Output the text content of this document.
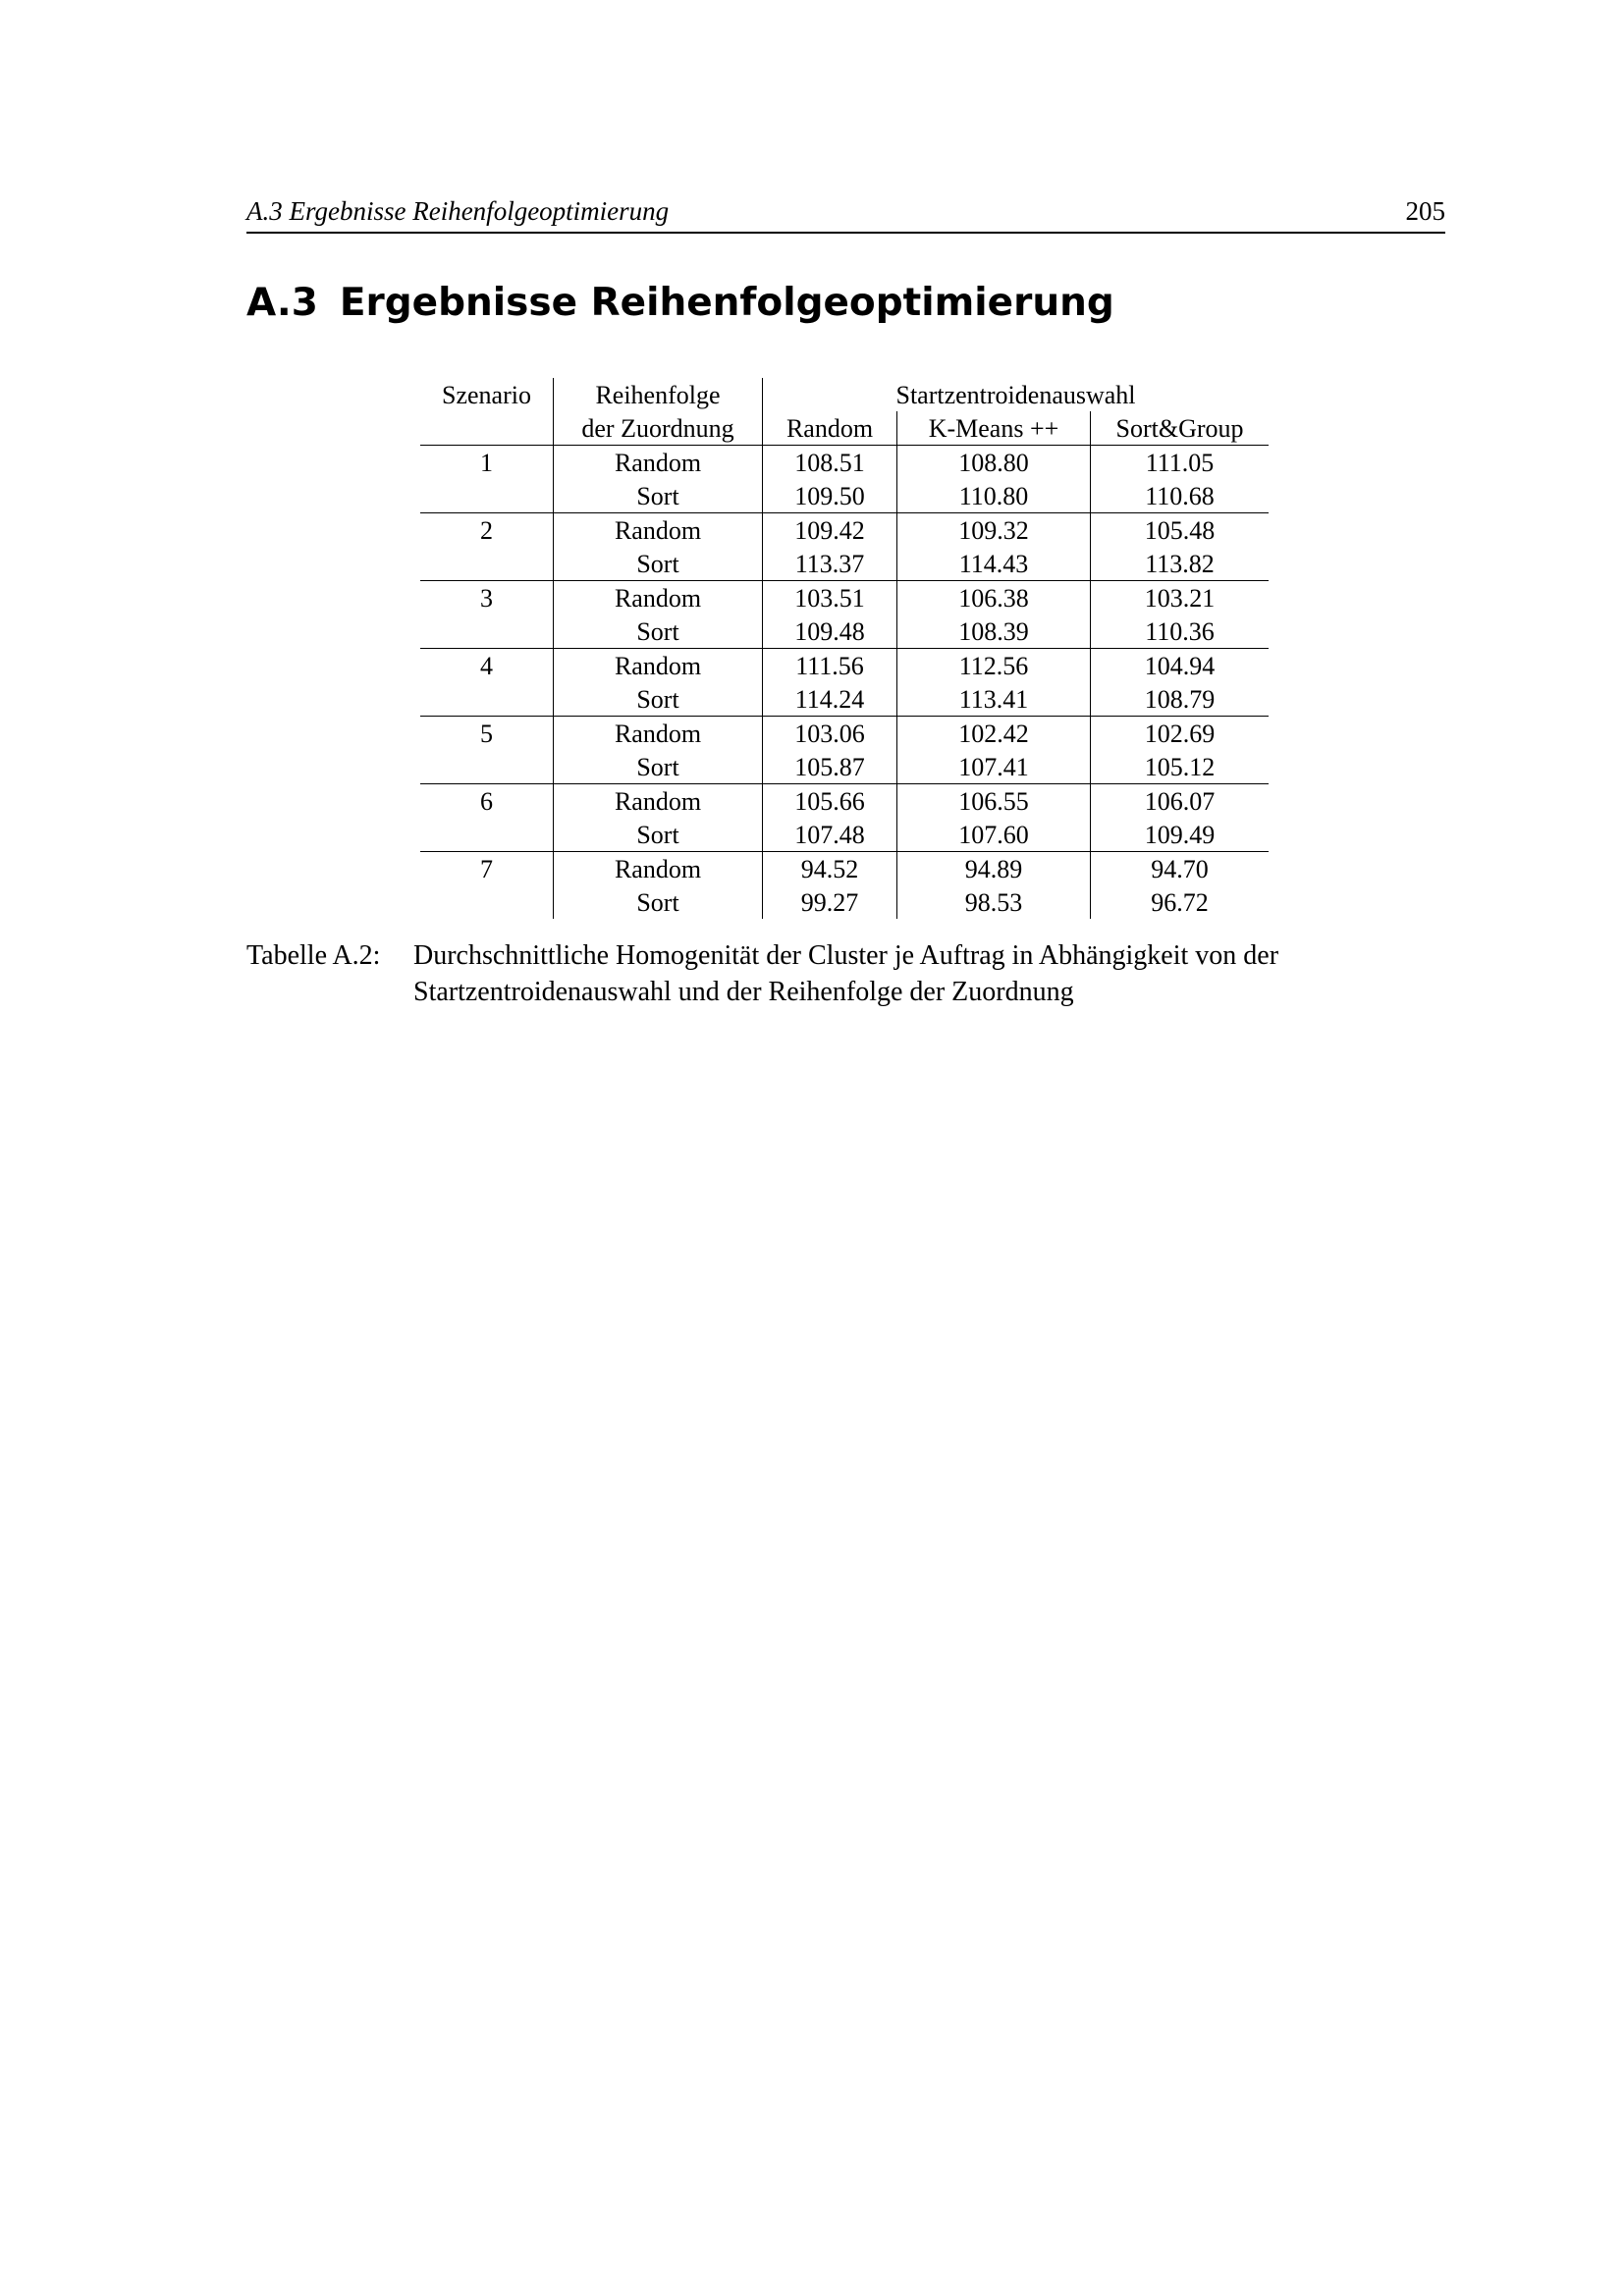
A.3 Ergebnisse Reihenfolgeoptimierung	205
A.3 Ergebnisse Reihenfolgeoptimierung
Szenario	Reihenfolge	Startzentroidenauswahl		
	der Zuordnung	Random	K-Means ++	Sort&Group
1	Random	108.51	108.80	111.05
	Sort	109.50	110.80	110.68
2	Random	109.42	109.32	105.48
	Sort	113.37	114.43	113.82
3	Random	103.51	106.38	103.21
	Sort	109.48	108.39	110.36
4	Random	111.56	112.56	104.94
	Sort	114.24	113.41	108.79
5	Random	103.06	102.42	102.69
	Sort	105.87	107.41	105.12
6	Random	105.66	106.55	106.07
	Sort	107.48	107.60	109.49
7	Random	94.52	94.89	94.70
	Sort	99.27	98.53	96.72
Tabelle A.2: Durchschnittliche Homogenität der Cluster je Auftrag in Abhängigkeit von der Startzentroidenauswahl und der Reihenfolge der Zuordnung
